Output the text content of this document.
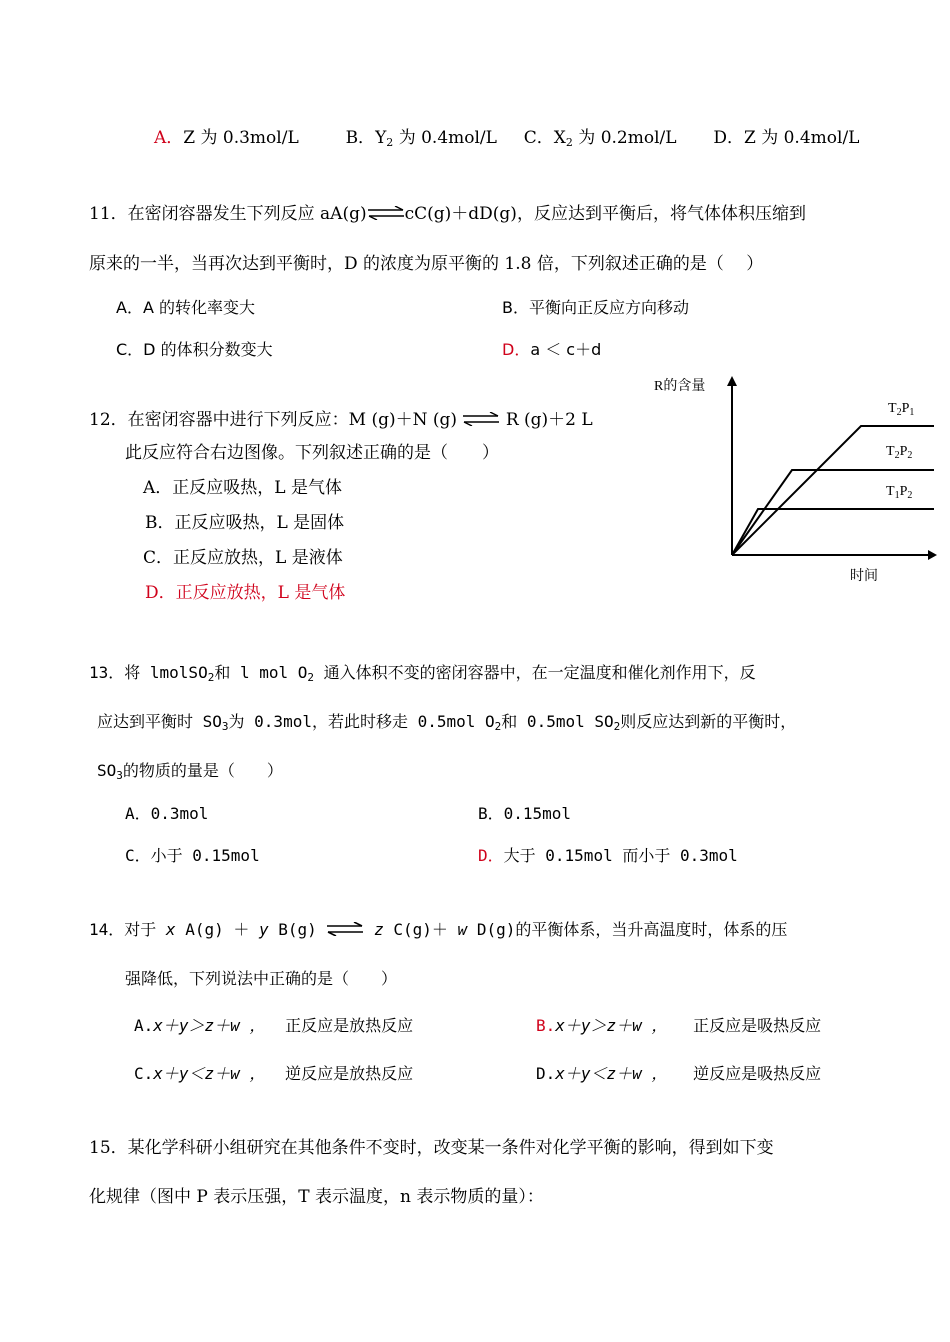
A．Z 为 0.3mol/L	B．$Y_2$ 为 0.4mol/L C．$X_2$ 为 0.2mol/L D．Z 为 0.4mol/L
11．在密闭容器发生下列反应 aA(g)⇌cC(g)＋dD(g)，反应达到平衡后，将气体体积压缩到
原来的一半，当再次达到平衡时，D 的浓度为原平衡的 1.8 倍，下列叙述正确的是（　 ）
A．A 的转化率变大	B．平衡向正反应方向移动
C．D 的体积分数变大	D．a ＜ c＋d
12．在密闭容器中进行下列反应：M (g)＋N (g) ⇌ R (g)＋2 L
此反应符合右边图像。下列叙述正确的是（　　）
A．正反应吸热，L 是气体
B．正反应吸热，L 是固体
C．正反应放热，L 是液体
D．正反应放热，L 是气体
R的含量
时间
$T_2P_1$
$T_2P_2$
$T_1P_2$
13．将 lmolSO$_2$和 l mol $O_2$ 通入体积不变的密闭容器中，在一定温度和催化剂作用下，反
应达到平衡时 $SO_3$为 0.3mol，若此时移走 0.5mol $O_2$和 0.5mol $SO_2$则反应达到新的平衡时，
$SO_3$的物质的量是（　　）
A．0.3mol	B．0.15mol
C．小于 0.15mol	D．大于 0.15mol 而小于 0.3mol
14．对于 x A(g) ＋ y B(g) ⇌ z C(g)＋ w D(g)的平衡体系，当升高温度时，体系的压
强降低，下列说法中正确的是（　　）
A.x＋y＞z＋w ， 正反应是放热反应	B.x＋y＞z＋w ， 正反应是吸热反应
C.x＋y＜z＋w ， 逆反应是放热反应	D.x＋y＜z＋w ， 逆反应是吸热反应
15．某化学科研小组研究在其他条件不变时，改变某一条件对化学平衡的影响，得到如下变
化规律（图中 P 表示压强，T 表示温度，n 表示物质的量）：
